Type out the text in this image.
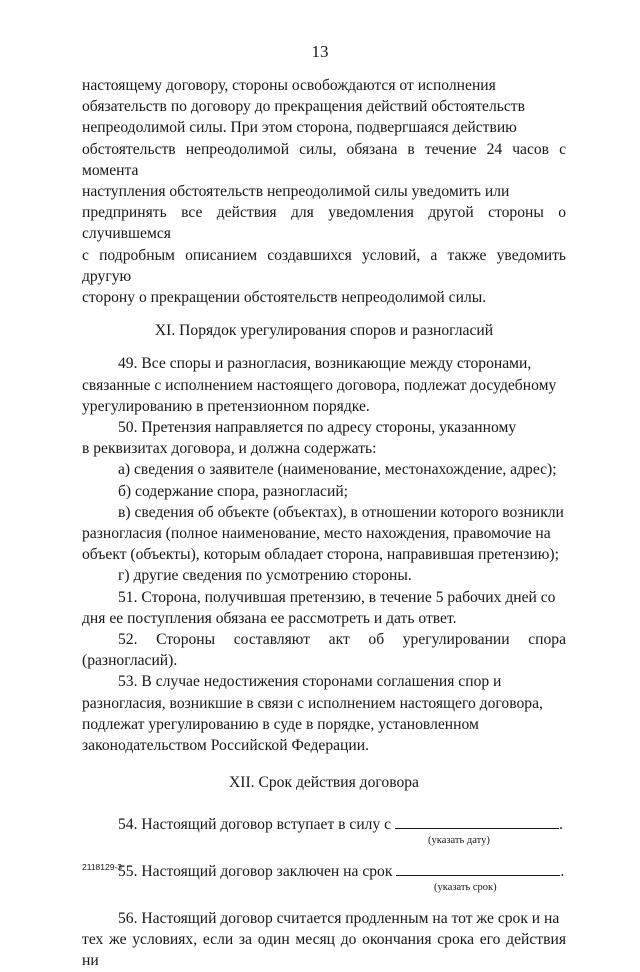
13

настоящему договору, стороны освобождаются от исполнения

обязательств по договору до прекращения действий обстоятельств

непреодолимой силы. При этом сторона, подвергшаяся действию

обстоятельств непреодолимой силы, обязана в течение 24 часов с момента

наступления обстоятельств непреодолимой силы уведомить или

предпринять все действия для уведомления другой стороны о случившемся

с подробным описанием создавшихся условий, а также уведомить другую

сторону о прекращении обстоятельств непреодолимой силы.

XI. Порядок урегулирования споров и разногласий

49. Все споры и разногласия, возникающие между сторонами,

связанные с исполнением настоящего договора, подлежат досудебному

урегулированию в претензионном порядке.

50. Претензия направляется по адресу стороны, указанному

в реквизитах договора, и должна содержать:

а) сведения о заявителе (наименование, местонахождение, адрес);

б) содержание спора, разногласий;

в) сведения об объекте (объектах), в отношении которого возникли

разногласия (полное наименование, место нахождения, правомочие на

объект (объекты), которым обладает сторона, направившая претензию);

г) другие сведения по усмотрению стороны.

51. Сторона, получившая претензию, в течение 5 рабочих дней со

дня ее поступления обязана ее рассмотреть и дать ответ.

52. Стороны составляют акт об урегулировании спора (разногласий).

53. В случае недостижения сторонами соглашения спор и

разногласия, возникшие в связи с исполнением настоящего договора,

подлежат урегулированию в суде в порядке, установленном

законодательством Российской Федерации.

XII. Срок действия договора

54. Настоящий договор вступает в силу с	.

(указать дату)

55. Настоящий договор заключен на срок	.

(указать срок)

56. Настоящий договор считается продленным на тот же срок и на

тех же условиях, если за один месяц до окончания срока его действия ни

2118129-3
